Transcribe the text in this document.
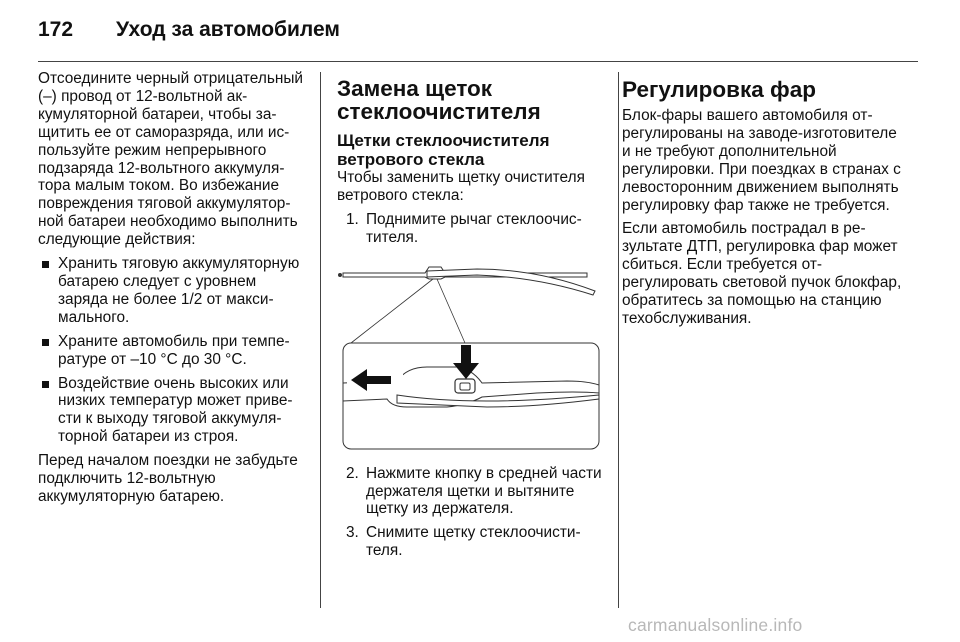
172 Уход за автомобилем

Отсоедините черный отрицательный (–) провод от 12-вольтной аккумуляторной батареи, чтобы защитить ее от саморазряда, или используйте режим непрерывного подзаряда 12-вольтного аккумулятора малым током. Во избежание повреждения тяговой аккумуляторной батареи необходимо выполнить следующие действия:

Хранить тяговую аккумуляторную батарею следует с уровнем заряда не более 1/2 от максимального.
Храните автомобиль при температуре от –10 °C до 30 °C.
Воздействие очень высоких или низких температур может привести к выходу тяговой аккумуляторной батареи из строя.

Перед началом поездки не забудьте подключить 12-вольтную аккумуляторную батарею.

Замена щеток стеклоочистителя
Щетки стеклоочистителя ветрового стекла

Чтобы заменить щетку очистителя ветрового стекла:

1. Поднимите рычаг стеклоочистителя.
2. Нажмите кнопку в средней части держателя щетки и вытяните щетку из держателя.
3. Снимите щетку стеклоочистителя.
Регулировка фар

Блок-фары вашего автомобиля отрегулированы на заводе-изготовителе и не требуют дополнительной регулировки. При поездках в странах с левосторонним движением выполнять регулировку фар также не требуется.

Если автомобиль пострадал в результате ДТП, регулировка фар может сбиться. Если требуется отрегулировать световой пучок блокфар, обратитесь за помощью на станцию техобслуживания.

carmanualsonline.info
